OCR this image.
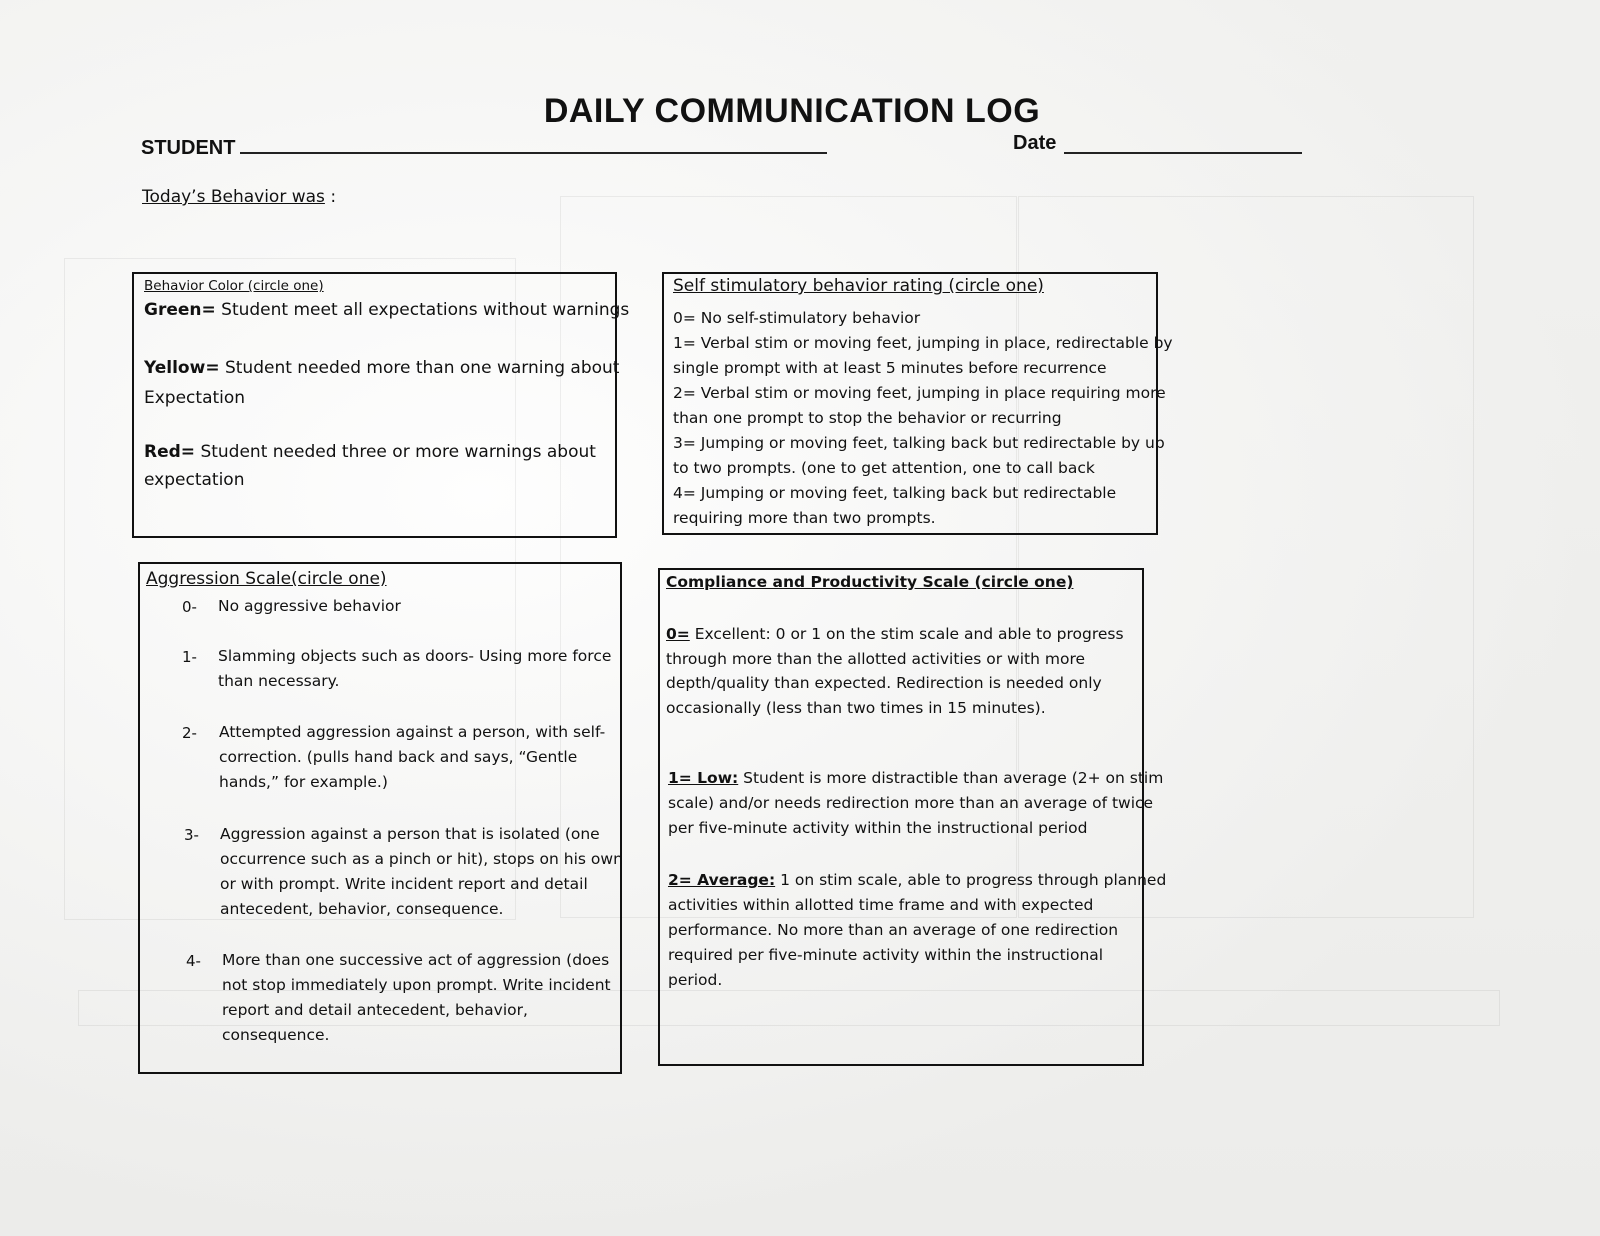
DAILY COMMUNICATION LOG
STUDENT	Date
Today’s Behavior was :
Behavior Color (circle one)
Green= Student meet all expectations without warnings
Yellow= Student needed more than one warning about
Expectation
Red= Student needed three or more warnings about
expectation
Self stimulatory behavior rating (circle one)
0= No self-stimulatory behavior
1= Verbal stim or moving feet, jumping in place, redirectable by
single prompt with at least 5 minutes before recurrence
2= Verbal stim or moving feet, jumping in place requiring more
than one prompt to stop the behavior or recurring
3= Jumping or moving feet, talking back but redirectable by up
to two prompts. (one to get attention, one to call back
4= Jumping or moving feet, talking back but redirectable
requiring more than two prompts.
Aggression Scale(circle one)
0- No aggressive behavior
1- Slamming objects such as doors- Using more force
than necessary.
2- Attempted aggression against a person, with self-
correction. (pulls hand back and says, “Gentle
hands,” for example.)
3- Aggression against a person that is isolated (one
occurrence such as a pinch or hit), stops on his own
or with prompt. Write incident report and detail
antecedent, behavior, consequence.
4- More than one successive act of aggression (does
not stop immediately upon prompt. Write incident
report and detail antecedent, behavior,
consequence.
Compliance and Productivity Scale (circle one)
0= Excellent: 0 or 1 on the stim scale and able to progress
through more than the allotted activities or with more
depth/quality than expected. Redirection is needed only
occasionally (less than two times in 15 minutes).
1= Low: Student is more distractible than average (2+ on stim
scale) and/or needs redirection more than an average of twice
per five-minute activity within the instructional period
2= Average: 1 on stim scale, able to progress through planned
activities within allotted time frame and with expected
performance. No more than an average of one redirection
required per five-minute activity within the instructional
period.
